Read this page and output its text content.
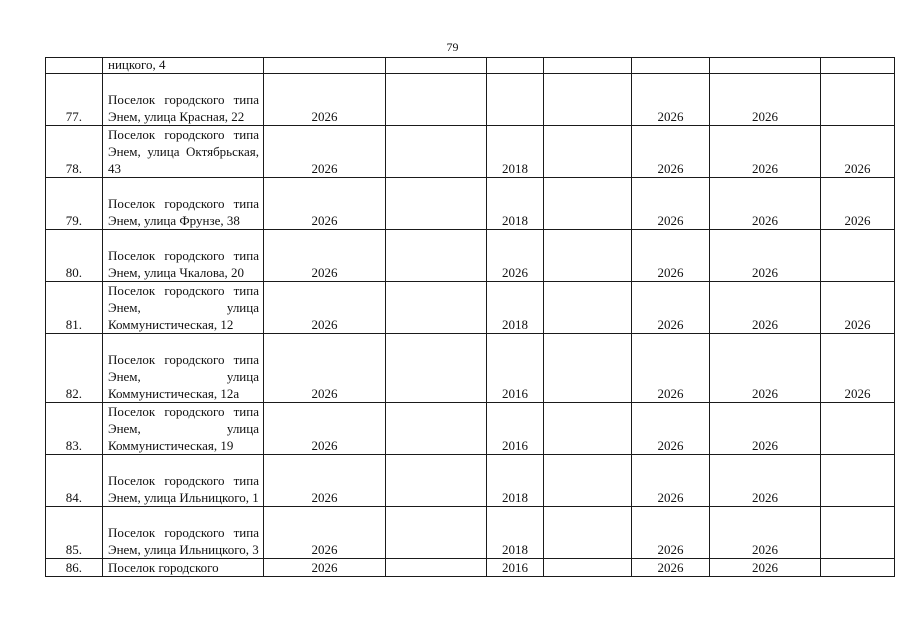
79
	ницкого, 4							
77.	Поселок городского типа Энем, улица Красная, 22	2026				2026	2026	
78.	Поселок городского типа Энем, улица Октябрьская, 43	2026		2018		2026	2026	2026
79.	Поселок городского типа Энем, улица Фрунзе, 38	2026		2018		2026	2026	2026
80.	Поселок городского типа Энем, улица Чкалова, 20	2026		2026		2026	2026	
81.	Поселок городского типа Энем, улица Коммунистическая, 12	2026		2018		2026	2026	2026
82.	Поселок городского типа Энем, улица Коммунистическая, 12а	2026		2016		2026	2026	2026
83.	Поселок городского типа Энем, улица Коммунистическая, 19	2026		2016		2026	2026	
84.	Поселок городского типа Энем, улица Ильницкого, 1	2026		2018		2026	2026	
85.	Поселок городского типа Энем, улица Ильницкого, 3	2026		2018		2026	2026	
86.	Поселок городского	2026		2016		2026	2026	
